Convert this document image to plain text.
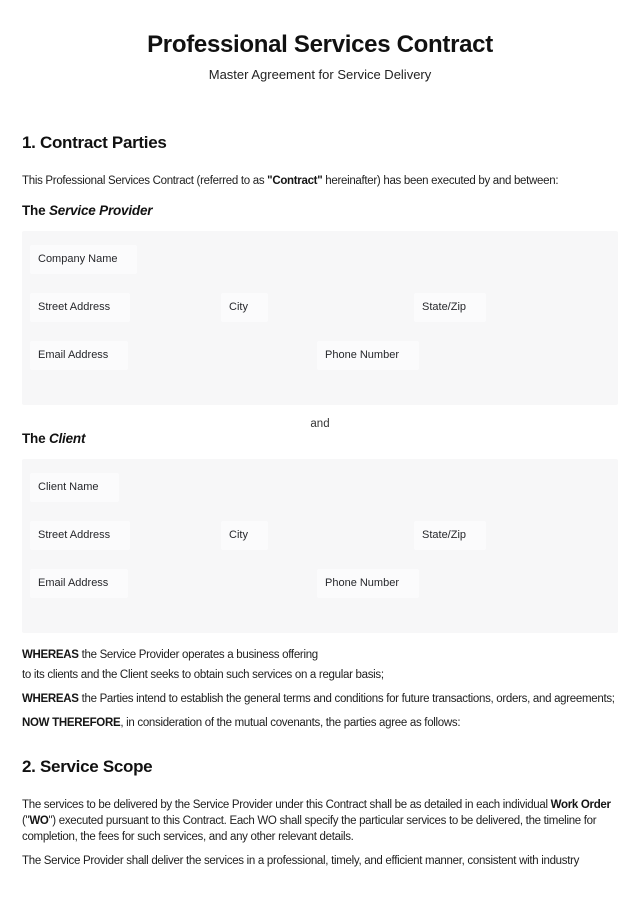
Professional Services Contract
Master Agreement for Service Delivery
1. Contract Parties

This Professional Services Contract (referred to as "Contract" hereinafter) has been executed by and between:

The Service Provider
Company Name
Street Address	City	State/Zip
Email Address	Phone Number
and
The Client
Client Name
Street Address	City	State/Zip
Email Address	Phone Number

WHEREAS the Service Provider operates a business offering
to its clients and the Client seeks to obtain such services on a regular basis;

WHEREAS the Parties intend to establish the general terms and conditions for future transactions, orders, and agreements;

NOW THEREFORE, in consideration of the mutual covenants, the parties agree as follows:

2. Service Scope

The services to be delivered by the Service Provider under this Contract shall be as detailed in each individual Work Order
("WO") executed pursuant to this Contract. Each WO shall specify the particular services to be delivered, the timeline for
completion, the fees for such services, and any other relevant details.

The Service Provider shall deliver the services in a professional, timely, and efficient manner, consistent with industry
